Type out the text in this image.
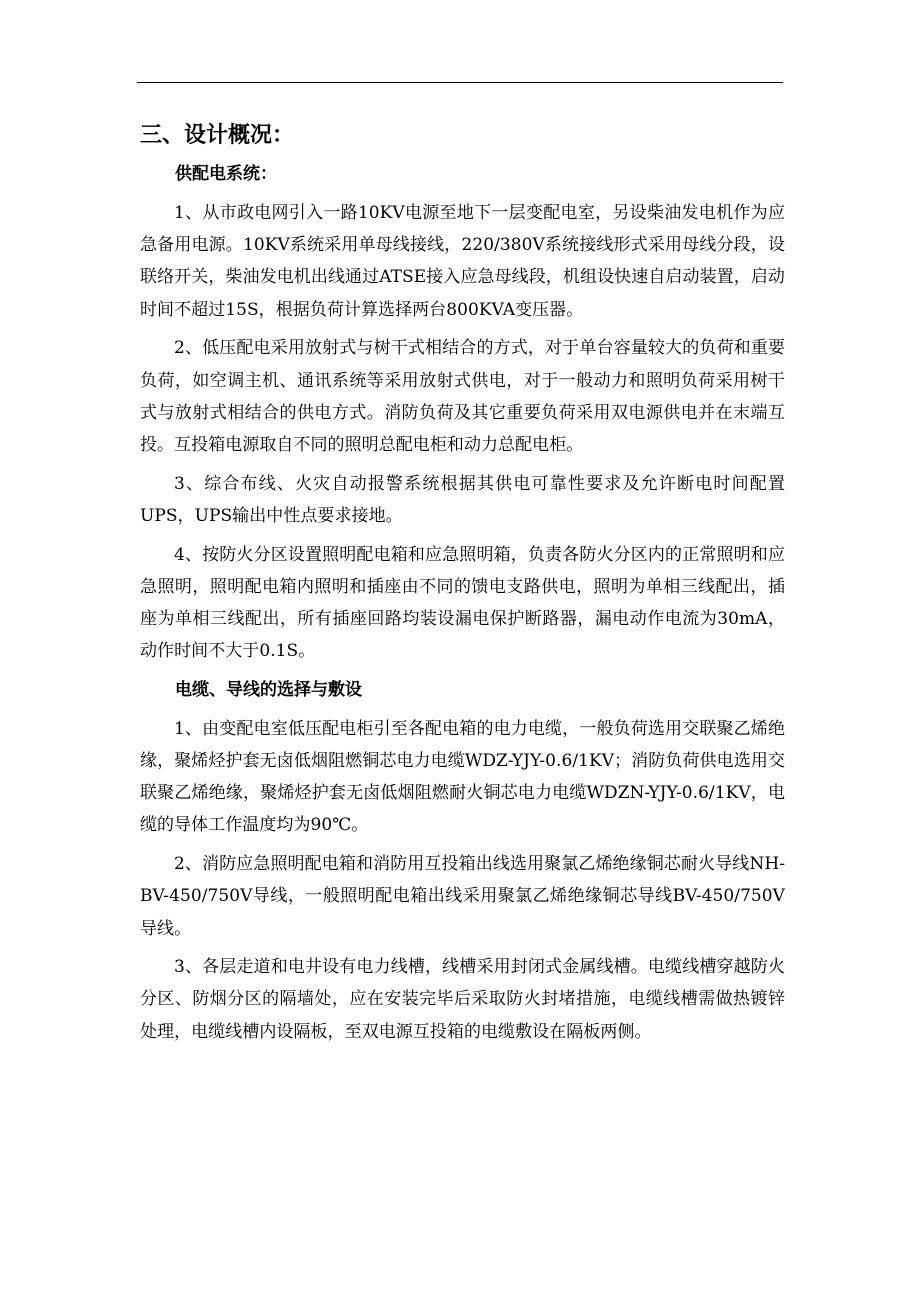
三、设计概况：
供配电系统：

1、从市政电网引入一路10KV电源至地下一层变配电室，另设柴油发电机作为应急备用电源。10KV系统采用单母线接线，220/380V系统接线形式采用母线分段，设联络开关，柴油发电机出线通过ATSE接入应急母线段，机组设快速自启动装置，启动时间不超过15S，根据负荷计算选择两台800KVA变压器。

2、低压配电采用放射式与树干式相结合的方式，对于单台容量较大的负荷和重要负荷，如空调主机、通讯系统等采用放射式供电，对于一般动力和照明负荷采用树干式与放射式相结合的供电方式。消防负荷及其它重要负荷采用双电源供电并在末端互投。互投箱电源取自不同的照明总配电柜和动力总配电柜。

3、综合布线、火灾自动报警系统根据其供电可靠性要求及允许断电时间配置UPS，UPS输出中性点要求接地。

4、按防火分区设置照明配电箱和应急照明箱，负责各防火分区内的正常照明和应急照明，照明配电箱内照明和插座由不同的馈电支路供电，照明为单相三线配出，插座为单相三线配出，所有插座回路均装设漏电保护断路器，漏电动作电流为30mA，动作时间不大于0.1S。

电缆、导线的选择与敷设

1、由变配电室低压配电柜引至各配电箱的电力电缆，一般负荷选用交联聚乙烯绝缘，聚烯烃护套无卤低烟阻燃铜芯电力电缆WDZ-YJY-0.6/1KV；消防负荷供电选用交联聚乙烯绝缘，聚烯烃护套无卤低烟阻燃耐火铜芯电力电缆WDZN-YJY-0.6/1KV，电缆的导体工作温度均为90℃。

2、消防应急照明配电箱和消防用互投箱出线选用聚氯乙烯绝缘铜芯耐火导线NH-BV-450/750V导线，一般照明配电箱出线采用聚氯乙烯绝缘铜芯导线BV-450/750V导线。

3、各层走道和电井设有电力线槽，线槽采用封闭式金属线槽。电缆线槽穿越防火分区、防烟分区的隔墙处，应在安装完毕后采取防火封堵措施，电缆线槽需做热镀锌处理，电缆线槽内设隔板，至双电源互投箱的电缆敷设在隔板两侧。
